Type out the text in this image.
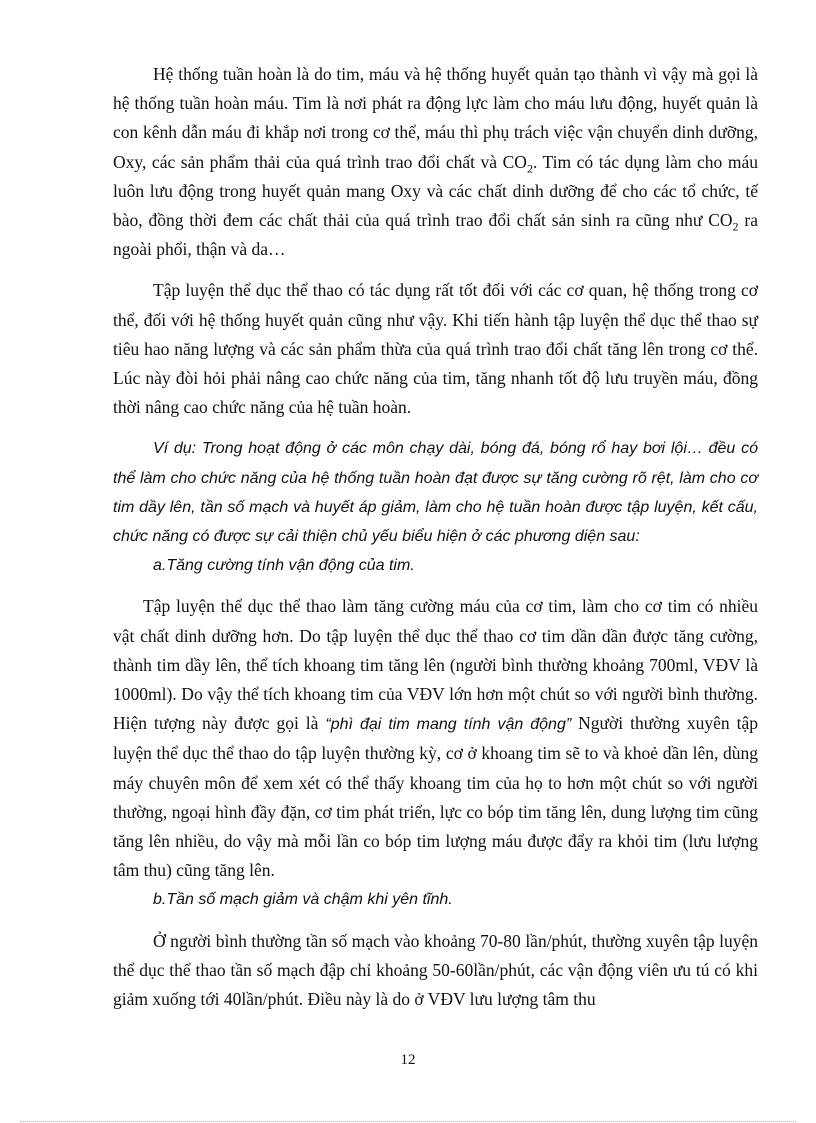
Hệ thống tuần hoàn là do tim, máu và hệ thống huyết quản tạo thành vì vậy mà gọi là hệ thống tuần hoàn máu. Tim là nơi phát ra động lực làm cho máu lưu động, huyết quản là con kênh dẫn máu đi khắp nơi trong cơ thể, máu thì phụ trách việc vận chuyển dinh dưỡng, Oxy, các sản phẩm thải của quá trình trao đổi chất và $CO_2$. Tim có tác dụng làm cho máu luôn lưu động trong huyết quản mang Oxy và các chất dinh dưỡng để cho các tổ chức, tế bào, đồng thời đem các chất thải của quá trình trao đổi chất sản sinh ra cũng như $CO_2$ ra ngoài phổi, thận và da…

Tập luyện thể dục thể thao có tác dụng rất tốt đối với các cơ quan, hệ thống trong cơ thể, đối với hệ thống huyết quản cũng như vậy. Khi tiến hành tập luyện thể dục thể thao sự tiêu hao năng lượng và các sản phẩm thừa của quá trình trao đổi chất tăng lên trong cơ thể. Lúc này đòi hỏi phải nâng cao chức năng của tim, tăng nhanh tốt độ lưu truyền máu, đồng thời nâng cao chức năng của hệ tuần hoàn.

Ví dụ: Trong hoạt động ở các môn chạy dài, bóng đá, bóng rổ hay bơi lội… đều có thể làm cho chức năng của hệ thống tuần hoàn đạt được sự tăng cường rõ rệt, làm cho cơ tim dầy lên, tần số mạch và huyết áp giảm, làm cho hệ tuần hoàn được tập luyện, kết cấu, chức năng có được sự cải thiện chủ yếu biểu hiện ở các phương diện sau:

a.Tăng cường tính vận động của tim.

Tập luyện thể dục thể thao làm tăng cường máu của cơ tim, làm cho cơ tim có nhiều vật chất dinh dưỡng hơn. Do tập luyện thể dục thể thao cơ tim dần dần được tăng cường, thành tim dầy lên, thể tích khoang tim tăng lên (người bình thường khoảng 700ml, VĐV là 1000ml). Do vậy thể tích khoang tim của VĐV lớn hơn một chút so với người bình thường. Hiện tượng này được gọi là “phì đại tim mang tính vận động” Người thường xuyên tập luyện thể dục thể thao do tập luyện thường kỳ, cơ ở khoang tim sẽ to và khoẻ dần lên, dùng máy chuyên môn để xem xét có thể thấy khoang tim của họ to hơn một chút so với người thường, ngoại hình đầy đặn, cơ tim phát triển, lực co bóp tim tăng lên, dung lượng tim cũng tăng lên nhiều, do vậy mà mỗi lần co bóp tim lượng máu được đẩy ra khỏi tim (lưu lượng tâm thu) cũng tăng lên.

b.Tần số mạch giảm và chậm khi yên tĩnh.

Ở người bình thường tần số mạch vào khoảng 70-80 lần/phút, thường xuyên tập luyện thể dục thể thao tần số mạch đập chỉ khoảng 50-60lần/phút, các vận động viên ưu tú có khi giảm xuống tới 40lần/phút. Điều này là do ở VĐV lưu lượng tâm thu

12
